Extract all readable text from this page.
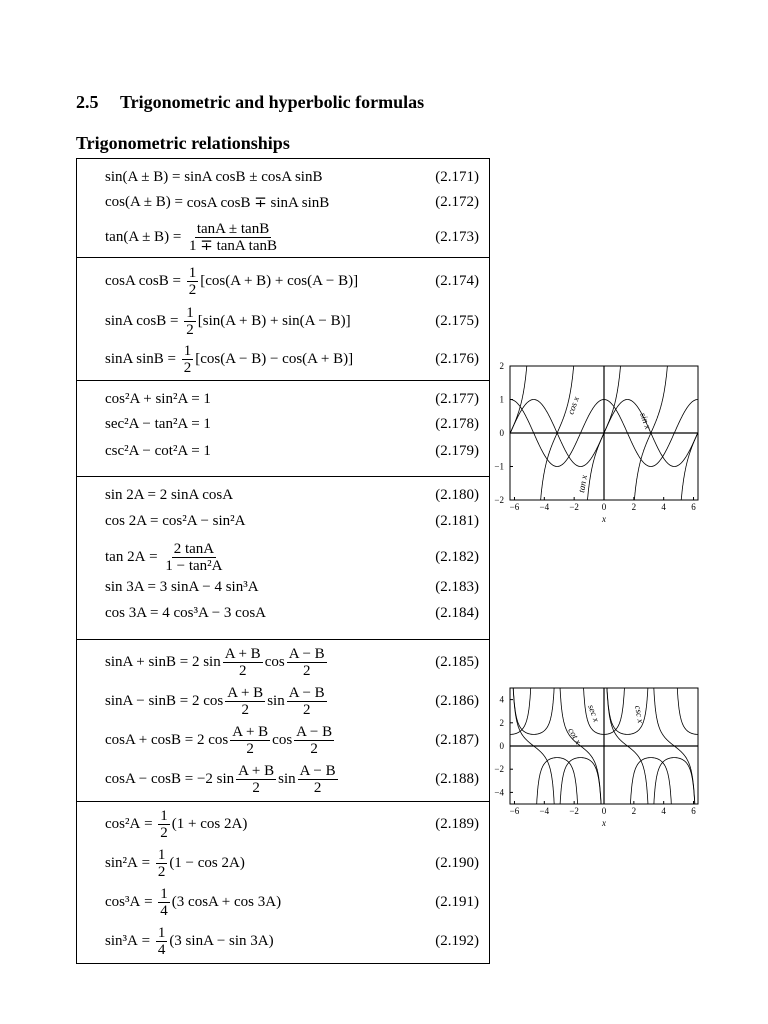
2.5 Trigonometric and hyperbolic formulas
Trigonometric relationships
sin(A ± B) = sinA cosB ± cosA sinB	(2.171)
cos(A ± B) = cosA cosB ∓ sinA sinB	(2.172)
$\tan(A \pm B) = \frac{\tan A \pm \tan B}{\text{1 ∓ tanA tanB}}$	(2.173)
cosA $\cos B = \frac{1}{2} [\cos(A + B) + \cos(A - B)]$	(2.174)
sinA $\cos B = \frac{1}{2} [\sin(A + B) + \sin(A - B)]$	(2.175)
sinA $\sin B = \frac{1}{2} [\cos(A - B) - \cos(A + B)]$	(2.176)
cos²A + sin²A = 1	(2.177)
sec²A − tan²A = 1	(2.178)
csc²A − cot²A = 1	(2.179)
sin 2A = 2 sinA cosA	(2.180)
cos 2A = cos²A − sin²A	(2.181)
$\tan 2A = \frac{2 \tan A}{\text{1 − tan²A}}$	(2.182)
sin 3A = 3 sinA − 4 sin³A	(2.183)
cos 3A = 4 cos³A − 3 cosA	(2.184)
sinA + sinB = 2 $\sin \frac{A + B}{2}$ $\cos \frac{A - B}{2}$	(2.185)
sinA − sinB = 2 $\cos \frac{A + B}{2}$ $\sin \frac{A - B}{2}$	(2.186)
cosA + cosB = 2 $\cos \frac{A + B}{2}$ $\cos \frac{A - B}{2}$	(2.187)
cosA − cosB = −2 $\sin \frac{A + B}{2}$ $\sin \frac{A - B}{2}$	(2.188)
$\cos^2A = \frac{1}{2} (1 + \cos 2A)$	(2.189)
$\sin^2A = \frac{1}{2} (1 - \cos 2A)$	(2.190)
$\cos^3A = \frac{1}{4} (3$ cosA + cos 3A)	(2.191)
$\sin^3A = \frac{1}{4} (3$ sinA − sin 3A)	(2.192)
−6 −4 −2	0	2	4	6
2
1
0
−1
−2
x
cos x
sin x
tan x
−6 −4 −2	0	2	4	6
4
2
0
−2
−4
x
sec x	csc x
cot x
